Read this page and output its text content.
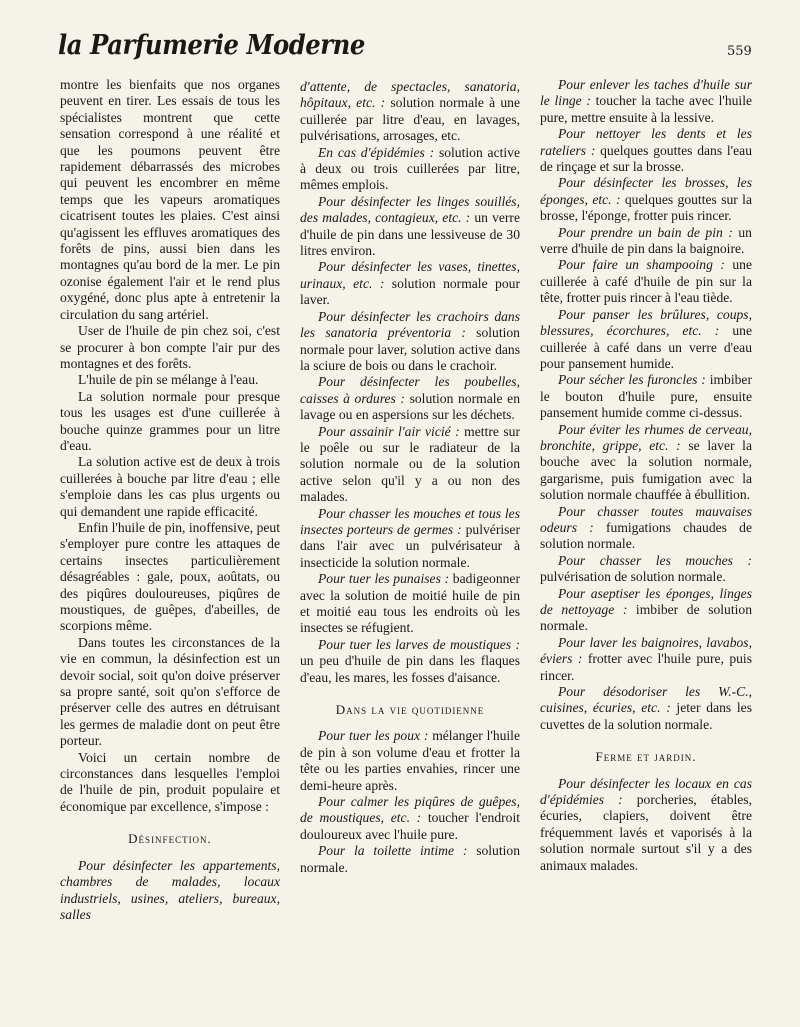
la Parfumerie Moderne	559

montre les bienfaits que nos organes peuvent en tirer. Les essais de tous les spécialistes montrent que cette sensation correspond à une réalité et que les poumons peuvent être rapidement débarrassés des microbes qui peuvent les encombrer en même temps que les vapeurs aromatiques cicatrisent toutes les plaies. C'est ainsi qu'agissent les effluves aromatiques des forêts de pins, aussi bien dans les montagnes qu'au bord de la mer. Le pin ozonise également l'air et le rend plus oxygéné, donc plus apte à entretenir la circulation du sang artériel.

User de l'huile de pin chez soi, c'est se procurer à bon compte l'air pur des montagnes et des forêts.

L'huile de pin se mélange à l'eau.

La solution normale pour presque tous les usages est d'une cuillerée à bouche quinze grammes pour un litre d'eau.

La solution active est de deux à trois cuillerées à bouche par litre d'eau ; elle s'emploie dans les cas plus urgents ou qui demandent une rapide efficacité.

Enfin l'huile de pin, inoffensive, peut s'employer pure contre les attaques de certains insectes particulièrement désagréables : gale, poux, aoûtats, ou des piqûres douloureuses, piqûres de moustiques, de guêpes, d'abeilles, de scorpions même.

Dans toutes les circonstances de la vie en commun, la désinfection est un devoir social, soit qu'on doive préserver sa propre santé, soit qu'on s'efforce de préserver celle des autres en détruisant les germes de maladie dont on peut être porteur.

Voici un certain nombre de circonstances dans lesquelles l'emploi de l'huile de pin, produit populaire et économique par excellence, s'impose :

Désinfection.

Pour désinfecter les appartements, chambres de malades, locaux industriels, usines, ateliers, bureaux, salles

d'attente, de spectacles, sanatoria, hôpitaux, etc. : solution normale à une cuillerée par litre d'eau, en lavages, pulvérisations, arrosages, etc.

En cas d'épidémies : solution active à deux ou trois cuillerées par litre, mêmes emplois.

Pour désinfecter les linges souillés, des malades, contagieux, etc. : un verre d'huile de pin dans une lessiveuse de 30 litres environ.

Pour désinfecter les vases, tinettes, urinaux, etc. : solution normale pour laver.

Pour désinfecter les crachoirs dans les sanatoria préventoria : solution normale pour laver, solution active dans la sciure de bois ou dans le crachoir.

Pour désinfecter les poubelles, caisses à ordures : solution normale en lavage ou en aspersions sur les déchets.

Pour assainir l'air vicié : mettre sur le poêle ou sur le radiateur de la solution normale ou de la solution active selon qu'il y a ou non des malades.

Pour chasser les mouches et tous les insectes porteurs de germes : pulvériser dans l'air avec un pulvérisateur à insecticide la solution normale.

Pour tuer les punaises : badigeonner avec la solution de moitié huile de pin et moitié eau tous les endroits où les insectes se réfugient.

Pour tuer les larves de moustiques : un peu d'huile de pin dans les flaques d'eau, les mares, les fosses d'aisance.

Dans la vie quotidienne

Pour tuer les poux : mélanger l'huile de pin à son volume d'eau et frotter la tête ou les parties envahies, rincer une demi-heure après.

Pour calmer les piqûres de guêpes, de moustiques, etc. : toucher l'endroit douloureux avec l'huile pure.

Pour la toilette intime : solution normale.

Pour enlever les taches d'huile sur le linge : toucher la tache avec l'huile pure, mettre ensuite à la lessive.

Pour nettoyer les dents et les rateliers : quelques gouttes dans l'eau de rinçage et sur la brosse.

Pour désinfecter les brosses, les éponges, etc. : quelques gouttes sur la brosse, l'éponge, frotter puis rincer.

Pour prendre un bain de pin : un verre d'huile de pin dans la baignoire.

Pour faire un shampooing : une cuillerée à café d'huile de pin sur la tête, frotter puis rincer à l'eau tiède.

Pour panser les brûlures, coups, blessures, écorchures, etc. : une cuillerée à café dans un verre d'eau pour pansement humide.

Pour sécher les furoncles : imbiber le bouton d'huile pure, ensuite pansement humide comme ci-dessus.

Pour éviter les rhumes de cerveau, bronchite, grippe, etc. : se laver la bouche avec la solution normale, gargarisme, puis fumigation avec la solution normale chauffée à ébullition.

Pour chasser toutes mauvaises odeurs : fumigations chaudes de solution normale.

Pour chasser les mouches : pulvérisation de solution normale.

Pour aseptiser les éponges, linges de nettoyage : imbiber de solution normale.

Pour laver les baignoires, lavabos, éviers : frotter avec l'huile pure, puis rincer.

Pour désodoriser les W.-C., cuisines, écuries, etc. : jeter dans les cuvettes de la solution normale.

Ferme et jardin.

Pour désinfecter les locaux en cas d'épidémies : porcheries, étables, écuries, clapiers, doivent être fréquemment lavés et vaporisés à la solution normale surtout s'il y a des animaux malades.
